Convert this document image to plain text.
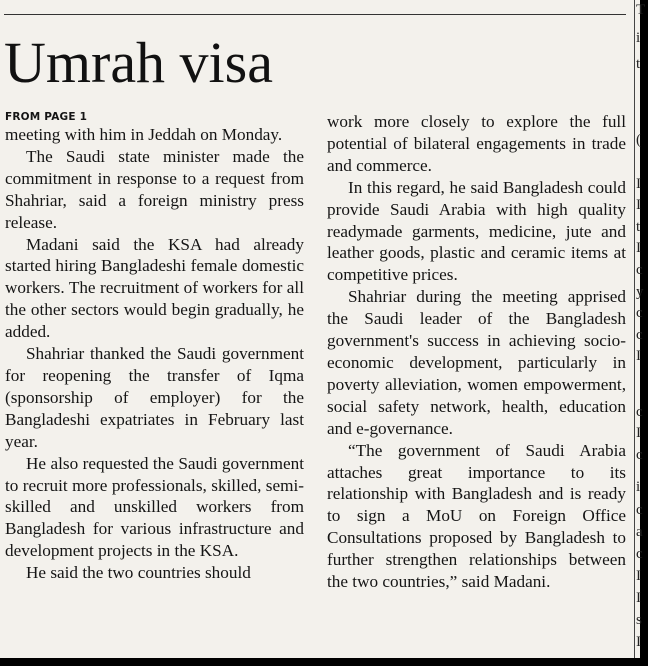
Umrah visa
FROM PAGE 1

meeting with him in Jeddah on Monday.

The Saudi state minister made the commitment in response to a request from Shahriar, said a foreign ministry press release.

Madani said the KSA had already started hiring Bangladeshi female domestic workers. The recruitment of workers for all the other sectors would begin gradually, he added.

Shahriar thanked the Saudi government for reopening the transfer of Iqma (sponsorship of employer) for the Bangladeshi expatriates in February last year.

He also requested the Saudi government to recruit more professionals, skilled, semi-skilled and unskilled workers from Bangladesh for various infrastructure and development projects in the KSA.

He said the two countries should

work more closely to explore the full potential of bilateral engagements in trade and commerce.

In this regard, he said Bangladesh could provide Saudi Arabia with high quality readymade garments, medicine, jute and leather goods, plastic and ceramic items at competitive prices.

Shahriar during the meeting apprised the Saudi leader of the Bangladesh government's success in achieving socio-economic development, particularly in poverty alleviation, women empowerment, social safety network, health, education and e-governance.

“The government of Saudi Arabia attaches great importance to its relationship with Bangladesh and is ready to sign a MoU on Foreign Office Consultations proposed by Bangladesh to further strengthen relationships between the two countries,” said Madani.

T
i
t
(
I
I
t
I
c
y
c
c
I
c
I
c
i
c
a
c
I
I
s
I
